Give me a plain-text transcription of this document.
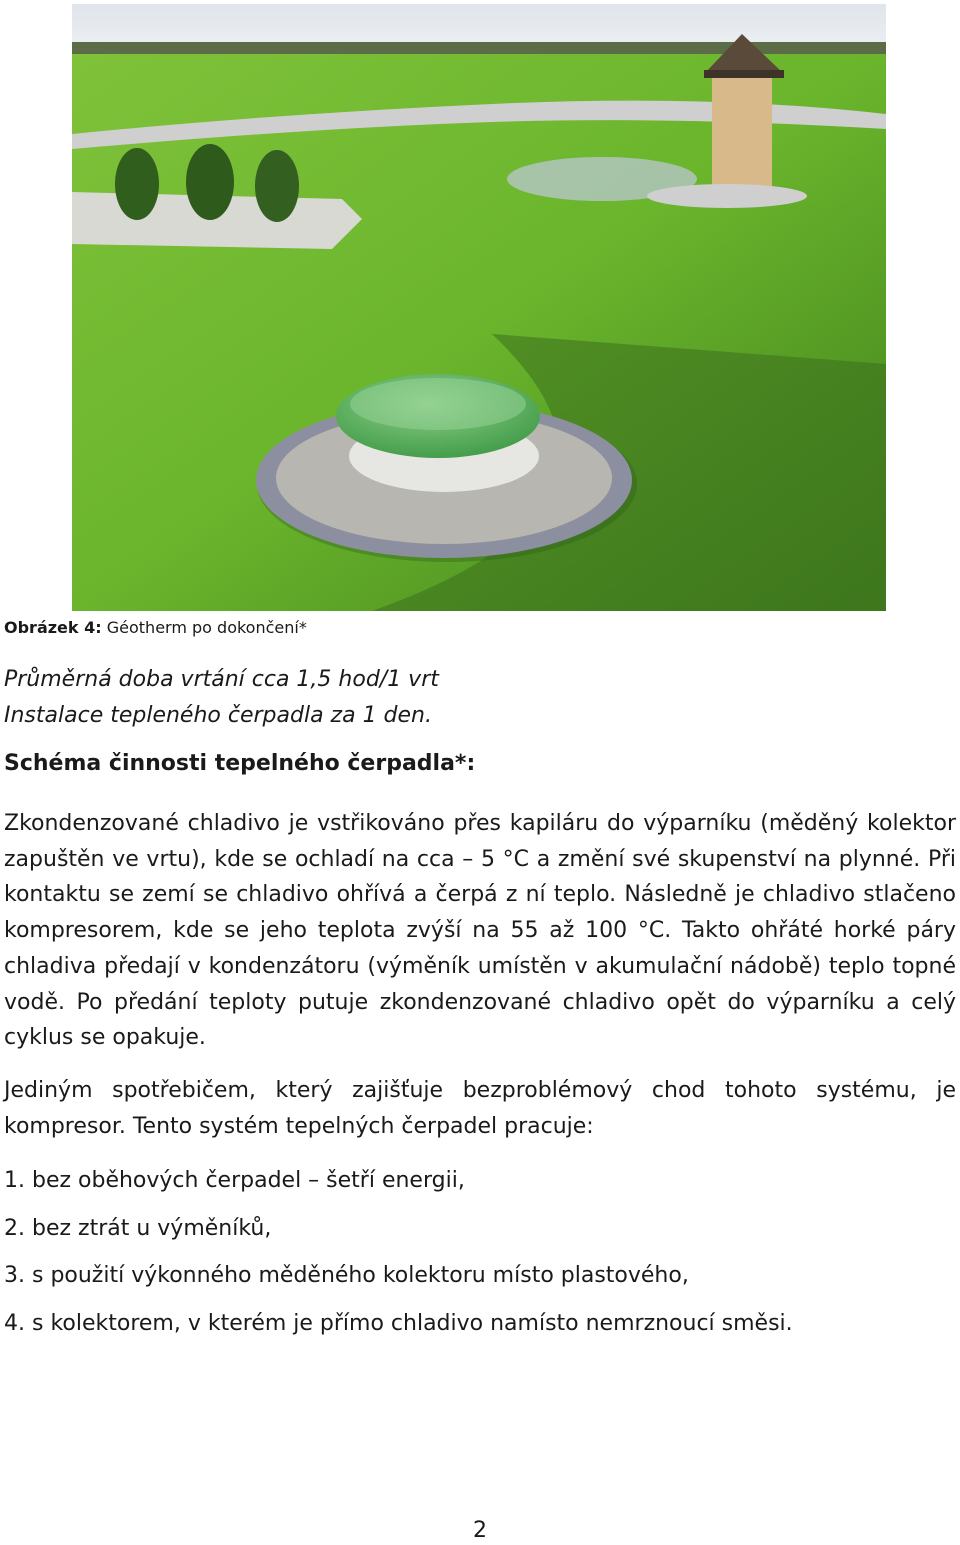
Obrázek 4: Géotherm po dokončení*
Průměrná doba vrtání cca 1,5 hod/1 vrt
Instalace tepleného čerpadla za 1 den.
Schéma činnosti tepelného čerpadla*:
Zkondenzované chladivo je vstřikováno přes kapiláru do výparníku (měděný kolektor zapuštěn ve vrtu), kde se ochladí na cca – 5 °C a změní své skupenství na plynné. Při kontaktu se zemí se chladivo ohřívá a čerpá z ní teplo. Následně je chladivo stlačeno kompresorem, kde se jeho teplota zvýší na 55 až 100 °C. Takto ohřáté horké páry chladiva předají v kondenzátoru (výměník umístěn v akumulační nádobě) teplo topné vodě. Po předání teploty putuje zkondenzované chladivo opět do výparníku a celý cyklus se opakuje.
Jediným spotřebičem, který zajišťuje bezproblémový chod tohoto systému, je kompresor. Tento systém tepelných čerpadel pracuje:
1. bez oběhových čerpadel – šetří energii,
2. bez ztrát u výměníků,
3. s použití výkonného měděného kolektoru místo plastového,
4. s kolektorem, v kterém je přímo chladivo namísto nemrznoucí směsi.
2
